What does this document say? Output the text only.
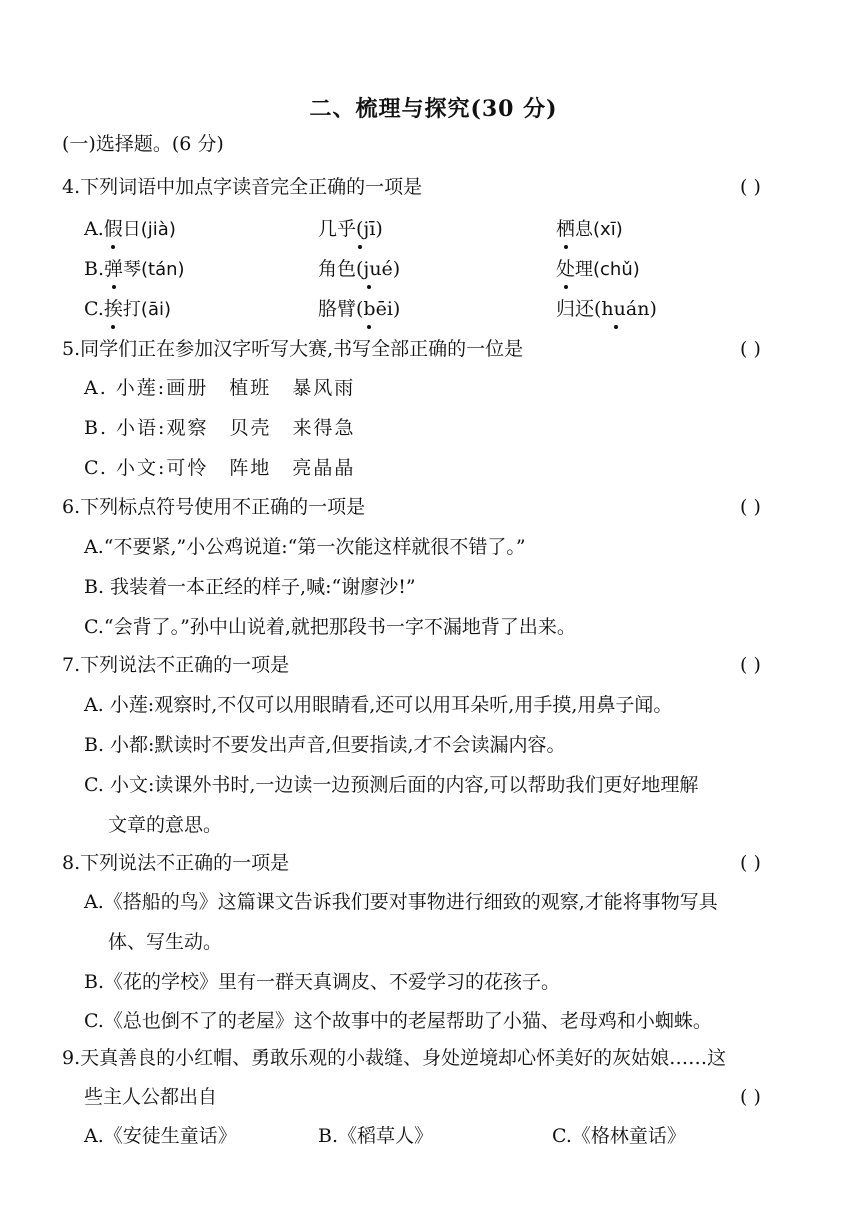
二、梳理与探究(30 分)
(一)选择题。(6 分)
4.下列词语中加点字读音完全正确的一项是	( )
A.假日(jià)	几乎(jī)	栖息(xī)
B.弹琴(tán)	角色(jué)	处理(chǔ)
C.挨打(āi)	胳臂(bēi)	归还(huán)
5.同学们正在参加汉字听写大赛,书写全部正确的一位是	( )
A. 小莲:画册　植班　暴风雨
B. 小语:观察　贝壳　来得急
C. 小文:可怜　阵地　亮晶晶
6.下列标点符号使用不正确的一项是	( )
A.“不要紧,”小公鸡说道:“第一次能这样就很不错了。”
B. 我装着一本正经的样子,喊:“谢廖沙!”
C.“会背了。”孙中山说着,就把那段书一字不漏地背了出来。
7.下列说法不正确的一项是	( )
A. 小莲:观察时,不仅可以用眼睛看,还可以用耳朵听,用手摸,用鼻子闻。
B. 小都:默读时不要发出声音,但要指读,才不会读漏内容。
C. 小文:读课外书时,一边读一边预测后面的内容,可以帮助我们更好地理解
文章的意思。
8.下列说法不正确的一项是	( )
A.《搭船的鸟》这篇课文告诉我们要对事物进行细致的观察,才能将事物写具
体、写生动。
B.《花的学校》里有一群天真调皮、不爱学习的花孩子。
C.《总也倒不了的老屋》这个故事中的老屋帮助了小猫、老母鸡和小蜘蛛。
9.天真善良的小红帽、勇敢乐观的小裁缝、身处逆境却心怀美好的灰姑娘……这
些主人公都出自	( )
A.《安徒生童话》	B.《稻草人》	C.《格林童话》
